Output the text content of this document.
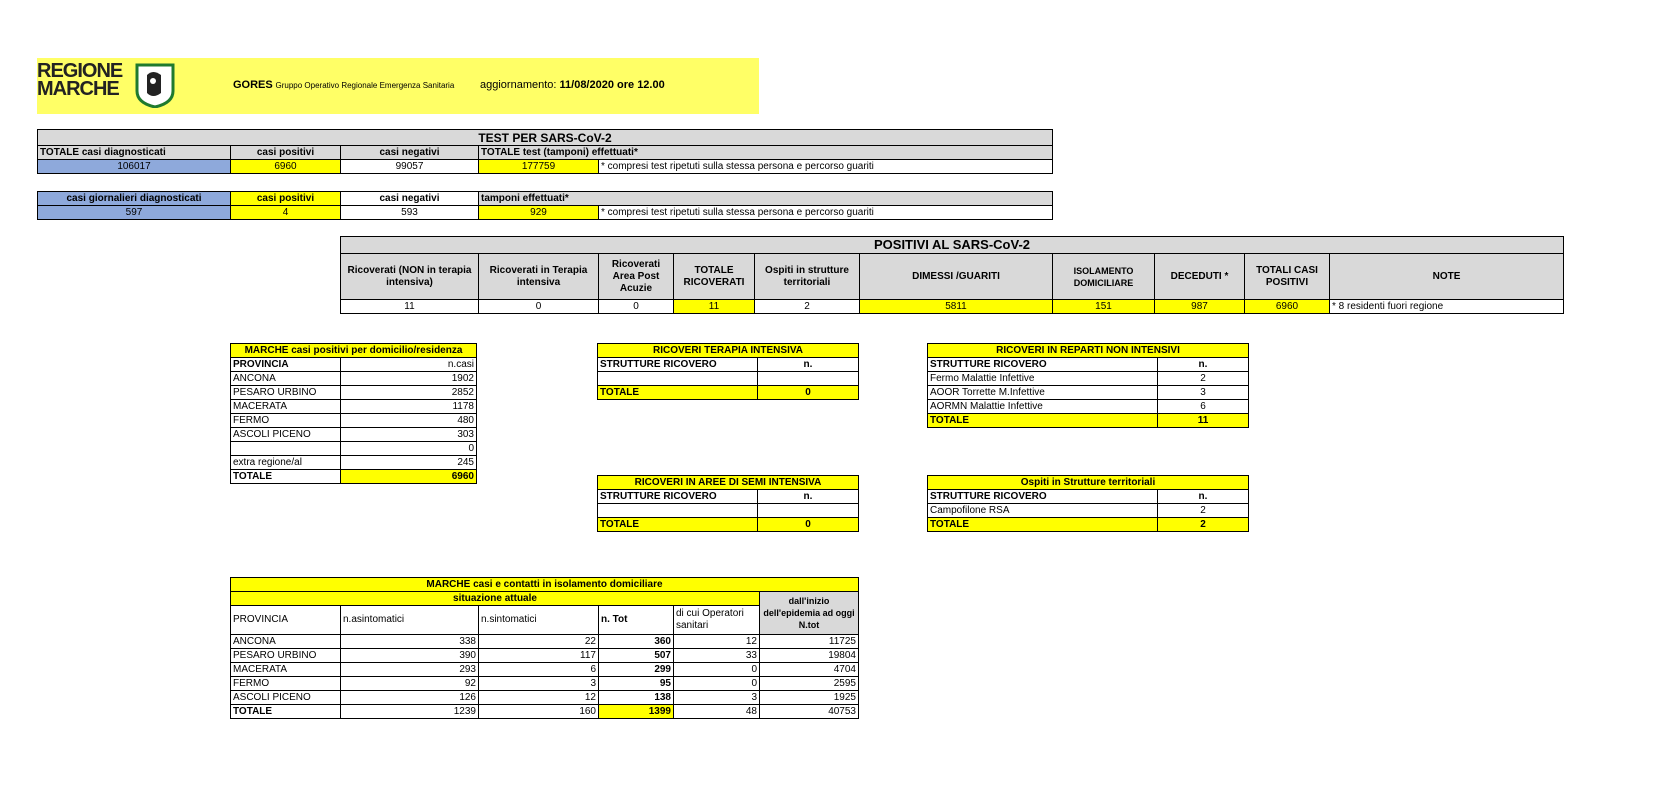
REGIONE
MARCHE	GORES Gruppo Operativo Regionale Emergenza Sanitaria aggiornamento: 11/08/2020 ore 12.00
TEST PER SARS-CoV-2				
TOTALE casi diagnosticati	casi positivi	casi negativi	TOTALE test (tamponi) effettuati*	
106017	6960	99057	177759	* compresi test ripetuti sulla stessa persona e percorso guariti
casi giornalieri diagnosticati	casi positivi	casi negativi	tamponi effettuati*	
597	4	593	929	* compresi test ripetuti sulla stessa persona e percorso guariti
POSITIVI AL SARS-CoV-2									
Ricoverati (NON in terapia intensiva)	Ricoverati in Terapia intensiva	Ricoverati Area Post Acuzie	TOTALE RICOVERATI	Ospiti in strutture territoriali	DIMESSI /GUARITI	ISOLAMENTO DOMICILIARE	DECEDUTI *	TOTALI CASI POSITIVI	NOTE
11	0	0	11	2	5811	151	987	6960	* 8 residenti fuori regione
MARCHE casi positivi per domicilio/residenza	
PROVINCIA	n.casi
ANCONA	1902
PESARO URBINO	2852
MACERATA	1178
FERMO	480
ASCOLI PICENO	303
	0
extra regione/al	245
TOTALE	6960
RICOVERI TERAPIA INTENSIVA	
STRUTTURE RICOVERO	n.

TOTALE	0
RICOVERI IN REPARTI NON INTENSIVI	
STRUTTURE RICOVERO	n.
Fermo Malattie Infettive	2
AOOR Torrette M.Infettive	3
AORMN Malattie Infettive	6
TOTALE	11
RICOVERI IN AREE DI SEMI INTENSIVA	
STRUTTURE RICOVERO	n.

TOTALE	0
Ospiti in Strutture territoriali	
STRUTTURE RICOVERO	n.
Campofilone RSA	2
TOTALE	2
MARCHE casi e contatti in isolamento domiciliare					
situazione attuale					dall'inizio dell'epidemia ad oggi N.tot
PROVINCIA	n.asintomatici	n.sintomatici	n. Tot	di cui Operatori sanitari	
ANCONA	338	22	360	12	11725
PESARO URBINO	390	117	507	33	19804
MACERATA	293	6	299	0	4704
FERMO	92	3	95	0	2595
ASCOLI PICENO	126	12	138	3	1925
TOTALE	1239	160	1399	48	40753
